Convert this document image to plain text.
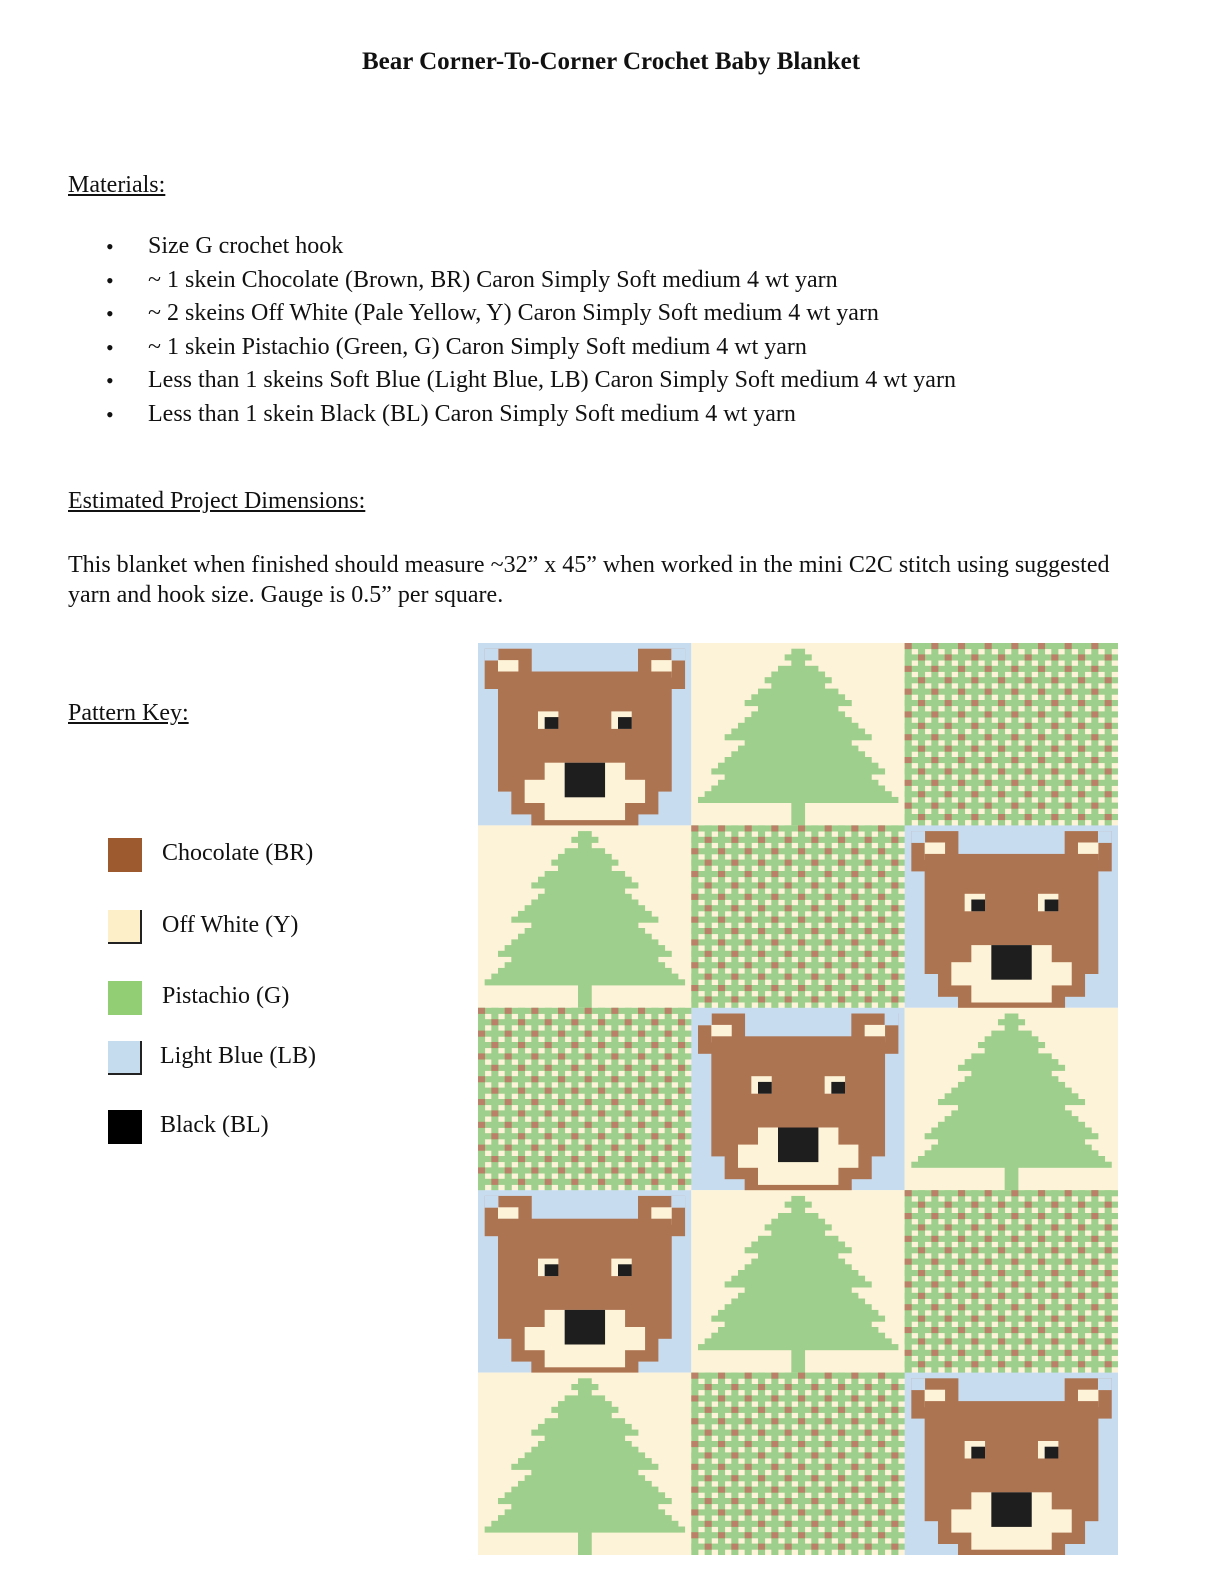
Bear Corner-To-Corner Crochet Baby Blanket
Materials:
• Size G crochet hook
• ~ 1 skein Chocolate (Brown, BR) Caron Simply Soft medium 4 wt yarn
• ~ 2 skeins Off White (Pale Yellow, Y) Caron Simply Soft medium 4 wt yarn
• ~ 1 skein Pistachio (Green, G) Caron Simply Soft medium 4 wt yarn
• Less than 1 skeins Soft Blue (Light Blue, LB) Caron Simply Soft medium 4 wt yarn
• Less than 1 skein Black (BL) Caron Simply Soft medium 4 wt yarn
Estimated Project Dimensions:
This blanket when finished should measure ~32” x 45” when worked in the mini C2C stitch using suggested yarn and hook size. Gauge is 0.5” per square.
Pattern Key:
Chocolate (BR)
Off White (Y)
Pistachio (G)
Light Blue (LB)
Black (BL)
